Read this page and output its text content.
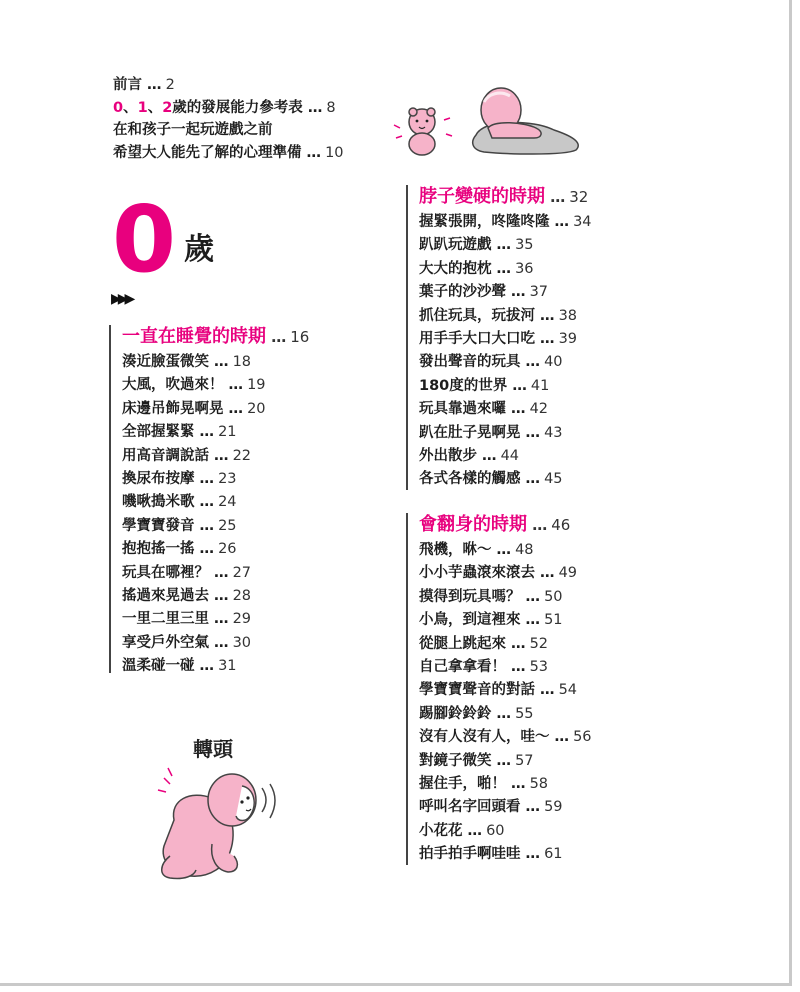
前言 … 2
0、1、2歲的發展能力參考表 … 8
在和孩子一起玩遊戲之前
希望大人能先了解的心理準備 … 10
0 歲
▶▶▶
一直在睡覺的時期 … 16
湊近臉蛋微笑 … 18
大風，吹過來！ … 19
床邊吊飾晃啊晃 … 20
全部握緊緊 … 21
用高音調說話 … 22
換尿布按摩 … 23
嘰啾搗米歌 … 24
學寶寶發音 … 25
抱抱搖一搖 … 26
玩具在哪裡？ … 27
搖過來晃過去 … 28
一里二里三里 … 29
享受戶外空氣 … 30
溫柔碰一碰 … 31
脖子變硬的時期 … 32
握緊張開，咚隆咚隆 … 34
趴趴玩遊戲 … 35
大大的抱枕 … 36
葉子的沙沙聲 … 37
抓住玩具，玩拔河 … 38
用手手大口大口吃 … 39
發出聲音的玩具 … 40
180度的世界 … 41
玩具靠過來囉 … 42
趴在肚子晃啊晃 … 43
外出散步 … 44
各式各樣的觸感 … 45
會翻身的時期 … 46
飛機，咻～ … 48
小小芋蟲滾來滾去 … 49
摸得到玩具嗎？ … 50
小鳥，到這裡來 … 51
從腿上跳起來 … 52
自己拿拿看！ … 53
學寶寶聲音的對話 … 54
踢腳鈴鈴鈴 … 55
沒有人沒有人，哇～ … 56
對鏡子微笑 … 57
握住手，啪！ … 58
呼叫名字回頭看 … 59
小花花 … 60
拍手拍手啊哇哇 … 61
轉頭
